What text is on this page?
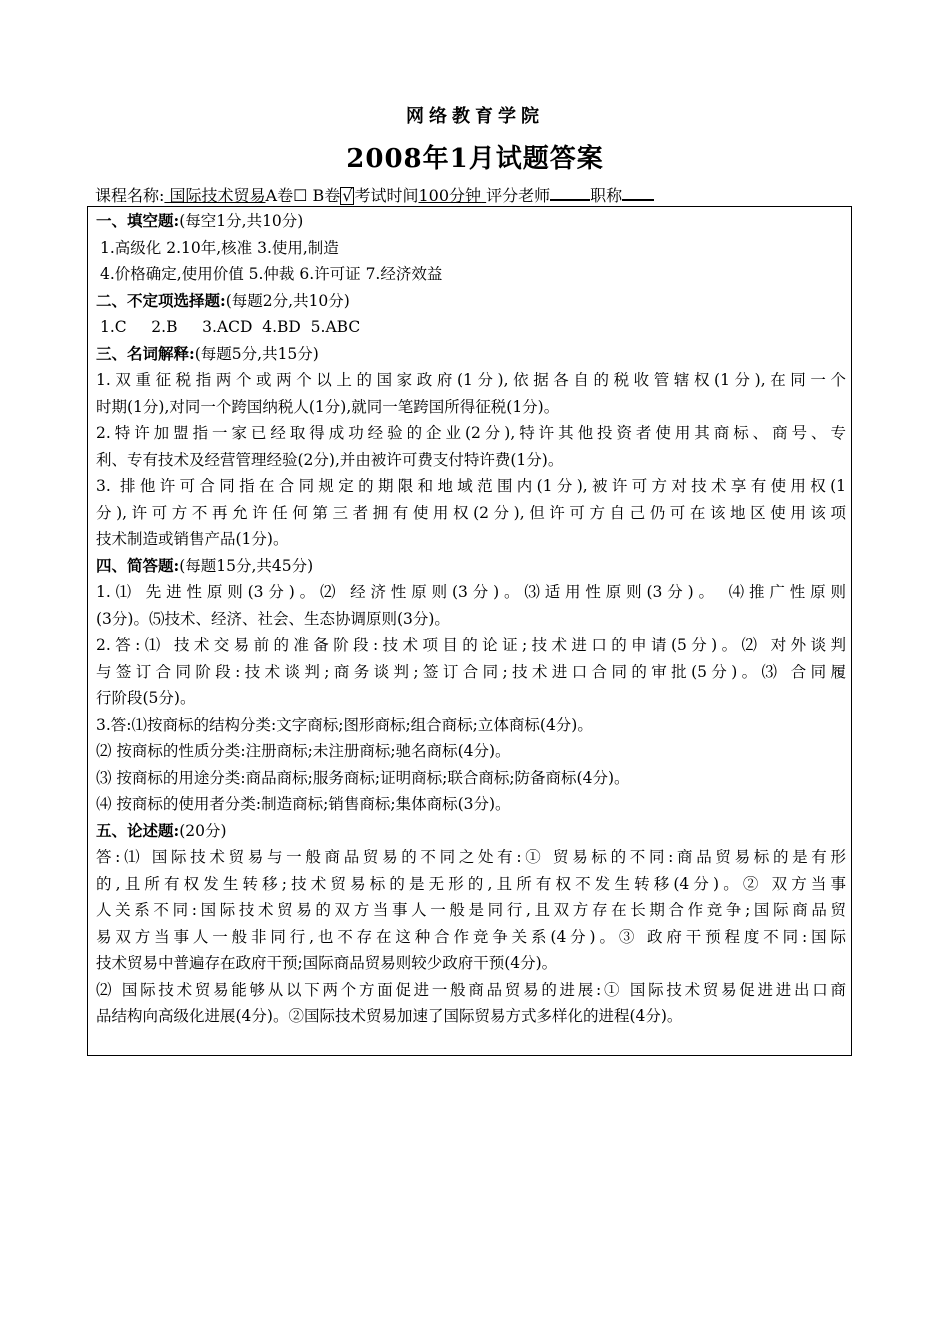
网络教育学院
2008年1月试题答案
课程名称: 国际技术贸易A卷☐ B卷 √ 考试时间100分钟 评分老师	职称
一、填空题:(每空1分,共10分)
1.高级化 2.10年,核准 3.使用,制造
4.价格确定,使用价值 5.仲裁 6.许可证 7.经济效益
二、不定项选择题:(每题2分,共10分)
1.C     2.B     3.ACD  4.BD  5.ABC
三、名词解释:(每题5分,共15分)
1.双重征税指两个或两个以上的国家政府(1分),依据各自的税收管辖权(1分),在同一个
时期(1分),对同一个跨国纳税人(1分),就同一笔跨国所得征税(1分)。
2.特许加盟指一家已经取得成功经验的企业(2分),特许其他投资者使用其商标、商号、专
利、专有技术及经营管理经验(2分),并由被许可费支付特许费(1分)。
3. 排他许可合同指在合同规定的期限和地域范围内(1分),被许可方对技术享有使用权(1
分),许可方不再允许任何第三者拥有使用权(2分),但许可方自己仍可在该地区使用该项
技术制造或销售产品(1分)。
四、简答题:(每题15分,共45分)
1.⑴ 先进性原则(3分)。⑵ 经济性原则(3分)。⑶适用性原则(3分)。 ⑷推广性原则
(3分)。⑸技术、经济、社会、生态协调原则(3分)。
2.答:⑴ 技术交易前的准备阶段:技术项目的论证;技术进口的申请(5分)。⑵ 对外谈判
与签订合同阶段:技术谈判;商务谈判;签订合同;技术进口合同的审批(5分)。⑶ 合同履
行阶段(5分)。
3.答:⑴按商标的结构分类:文字商标;图形商标;组合商标;立体商标(4分)。
⑵ 按商标的性质分类:注册商标;未注册商标;驰名商标(4分)。
⑶ 按商标的用途分类:商品商标;服务商标;证明商标;联合商标;防备商标(4分)。
⑷ 按商标的使用者分类:制造商标;销售商标;集体商标(3分)。
五、论述题:(20分)
答:⑴ 国际技术贸易与一般商品贸易的不同之处有:① 贸易标的不同:商品贸易标的是有形
的,且所有权发生转移;技术贸易标的是无形的,且所有权不发生转移(4分)。② 双方当事
人关系不同:国际技术贸易的双方当事人一般是同行,且双方存在长期合作竞争;国际商品贸
易双方当事人一般非同行,也不存在这种合作竞争关系(4分)。③ 政府干预程度不同:国际
技术贸易中普遍存在政府干预;国际商品贸易则较少政府干预(4分)。
⑵ 国际技术贸易能够从以下两个方面促进一般商品贸易的进展:① 国际技术贸易促进进出口商
品结构向高级化进展(4分)。②国际技术贸易加速了国际贸易方式多样化的进程(4分)。
